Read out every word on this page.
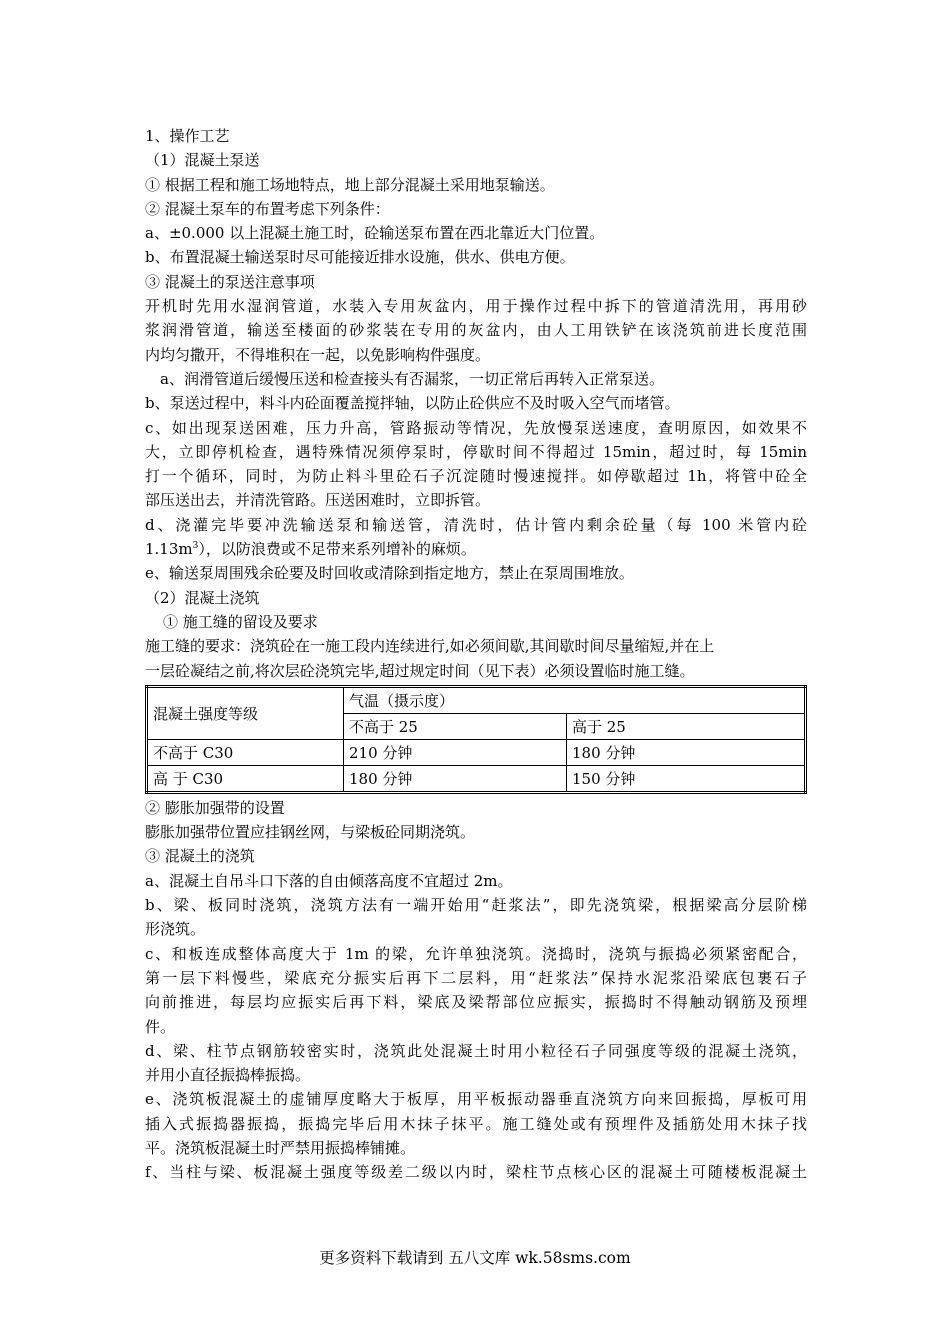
1、操作工艺
（1）混凝土泵送
① 根据工程和施工场地特点，地上部分混凝土采用地泵输送。
② 混凝土泵车的布置考虑下列条件：
a、±0.000 以上混凝土施工时，砼输送泵布置在西北靠近大门位置。
b、布置混凝土输送泵时尽可能接近排水设施，供水、供电方便。
③ 混凝土的泵送注意事项
开机时先用水湿润管道，水装入专用灰盆内，用于操作过程中拆下的管道清洗用，再用砂
浆润滑管道，输送至楼面的砂浆装在专用的灰盆内，由人工用铁铲在该浇筑前进长度范围
内均匀撒开，不得堆积在一起，以免影响构件强度。
a、润滑管道后缓慢压送和检查接头有否漏浆，一切正常后再转入正常泵送。
b、泵送过程中，料斗内砼面覆盖搅拌轴，以防止砼供应不及时吸入空气而堵管。
c、如出现泵送困难，压力升高，管路振动等情况，先放慢泵送速度，查明原因，如效果不
大，立即停机检查，遇特殊情况须停泵时，停歇时间不得超过 15min，超过时，每 15min
打一个循环，同时，为防止料斗里砼石子沉淀随时慢速搅拌。如停歇超过 1h，将管中砼全
部压送出去，并清洗管路。压送困难时，立即拆管。
d、浇灌完毕要冲洗输送泵和输送管，清洗时，估计管内剩余砼量（每 100 米管内砼
$1.13m^3$），以防浪费或不足带来系列增补的麻烦。
e、输送泵周围残余砼要及时回收或清除到指定地方，禁止在泵周围堆放。
（2）混凝土浇筑
① 施工缝的留设及要求
施工缝的要求：浇筑砼在一施工段内连续进行,如必须间歇,其间歇时间尽量缩短,并在上
一层砼凝结之前,将次层砼浇筑完毕,超过规定时间（见下表）必须设置临时施工缝。
混凝土强度等级	气温（摄示度）	
	不高于 25	高于 25
不高于 C30	210 分钟	180 分钟
高 于 C30	180 分钟	150 分钟
② 膨胀加强带的设置
膨胀加强带位置应挂钢丝网，与梁板砼同期浇筑。
③ 混凝土的浇筑
a、混凝土自吊斗口下落的自由倾落高度不宜超过 2m。
b、梁、板同时浇筑，浇筑方法有一端开始用“赶浆法”，即先浇筑梁，根据梁高分层阶梯
形浇筑。
c、和板连成整体高度大于 1m 的梁，允许单独浇筑。浇捣时，浇筑与振捣必须紧密配合，
第一层下料慢些，梁底充分振实后再下二层料，用“赶浆法”保持水泥浆沿梁底包裹石子
向前推进，每层均应振实后再下料，梁底及梁帮部位应振实，振捣时不得触动钢筋及预埋
件。
d、梁、柱节点钢筋较密实时，浇筑此处混凝土时用小粒径石子同强度等级的混凝土浇筑，
并用小直径振捣棒振捣。
e、浇筑板混凝土的虚铺厚度略大于板厚，用平板振动器垂直浇筑方向来回振捣，厚板可用
插入式振捣器振捣，振捣完毕后用木抹子抹平。施工缝处或有预埋件及插筋处用木抹子找
平。浇筑板混凝土时严禁用振捣棒铺摊。
f、当柱与梁、板混凝土强度等级差二级以内时，梁柱节点核心区的混凝土可随楼板混凝土
更多资料下载请到 五八文库 wk.58sms.com
